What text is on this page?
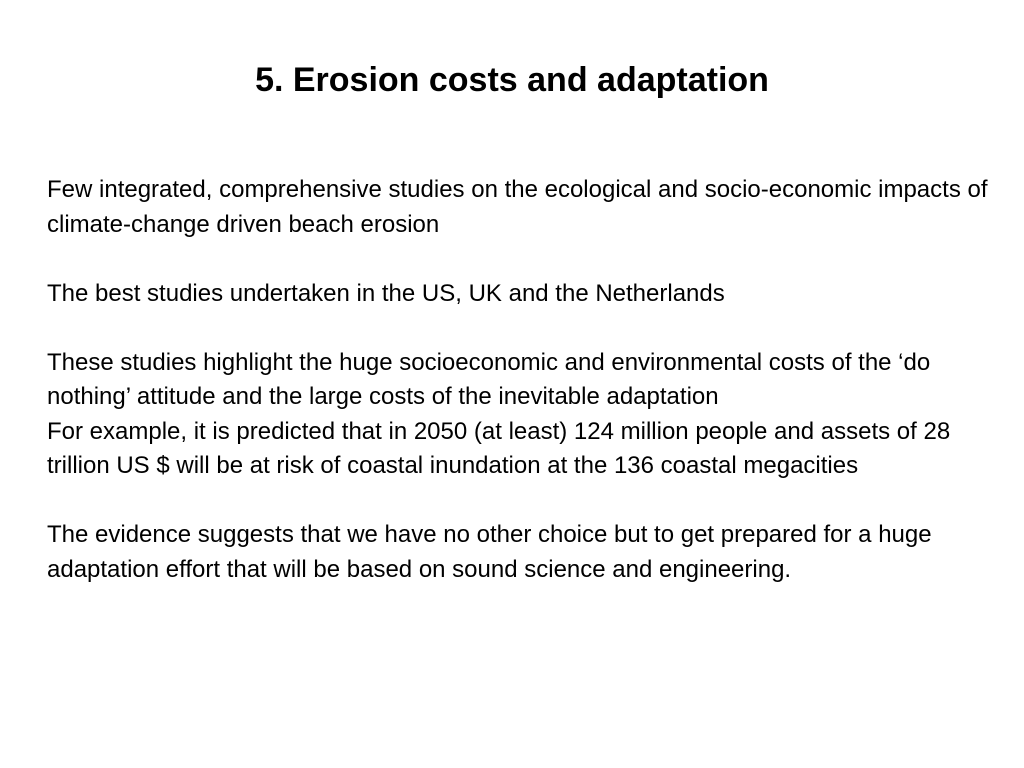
5. Erosion costs and adaptation

Few integrated, comprehensive studies on the ecological and socio-economic impacts of climate-change driven beach erosion

The best studies undertaken in the US, UK and the Netherlands

These studies highlight the huge socioeconomic and environmental costs of the ‘do nothing’ attitude and the large costs of the inevitable adaptation

For example, it is predicted that in 2050 (at least) 124 million people and assets of 28 trillion US $ will be at risk of coastal inundation at the 136 coastal megacities

The evidence suggests that we have no other choice but to get prepared for a huge adaptation effort that will be based on sound science and engineering.
